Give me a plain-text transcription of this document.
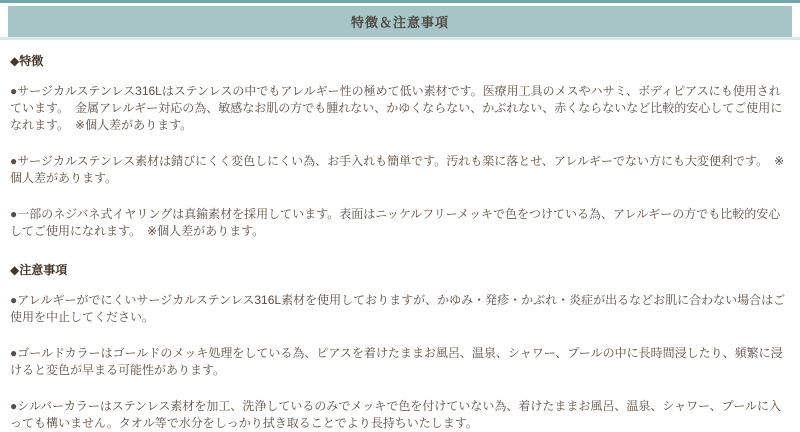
特徴＆注意事項
◆特徴

●サージカルステンレス316Lはステンレスの中でもアレルギー性の極めて低い素材です。医療用工具のメスやハサミ、ボディピアスにも使用されています。　金属アレルギー対応の為、敏感なお肌の方でも腫れない、かゆくならない、かぶれない、赤くならないなど比較的安心してご使用になれます。　※個人差があります。

●サージカルステンレス素材は錆びにくく変色しにくい為、お手入れも簡単です。汚れも楽に落とせ、アレルギーでない方にも大変便利です。　※個人差があります。

●一部のネジバネ式イヤリングは真鍮素材を採用しています。表面はニッケルフリーメッキで色をつけている為、アレルギーの方でも比較的安心してご使用になれます。　※個人差があります。

◆注意事項

●アレルギーがでにくいサージカルステンレス316L素材を使用しておりますが、かゆみ・発疹・かぶれ・炎症が出るなどお肌に合わない場合はご使用を中止してください。

●ゴールドカラーはゴールドのメッキ処理をしている為、ピアスを着けたままお風呂、温泉、シャワー、プールの中に長時間浸したり、頻繁に浸けると変色が早まる可能性があります。

●シルバーカラーはステンレス素材を加工、洗浄しているのみでメッキで色を付けていない為、着けたままお風呂、温泉、シャワー、プールに入っても構いません。タオル等で水分をしっかり拭き取ることでより長持ちいたします。
